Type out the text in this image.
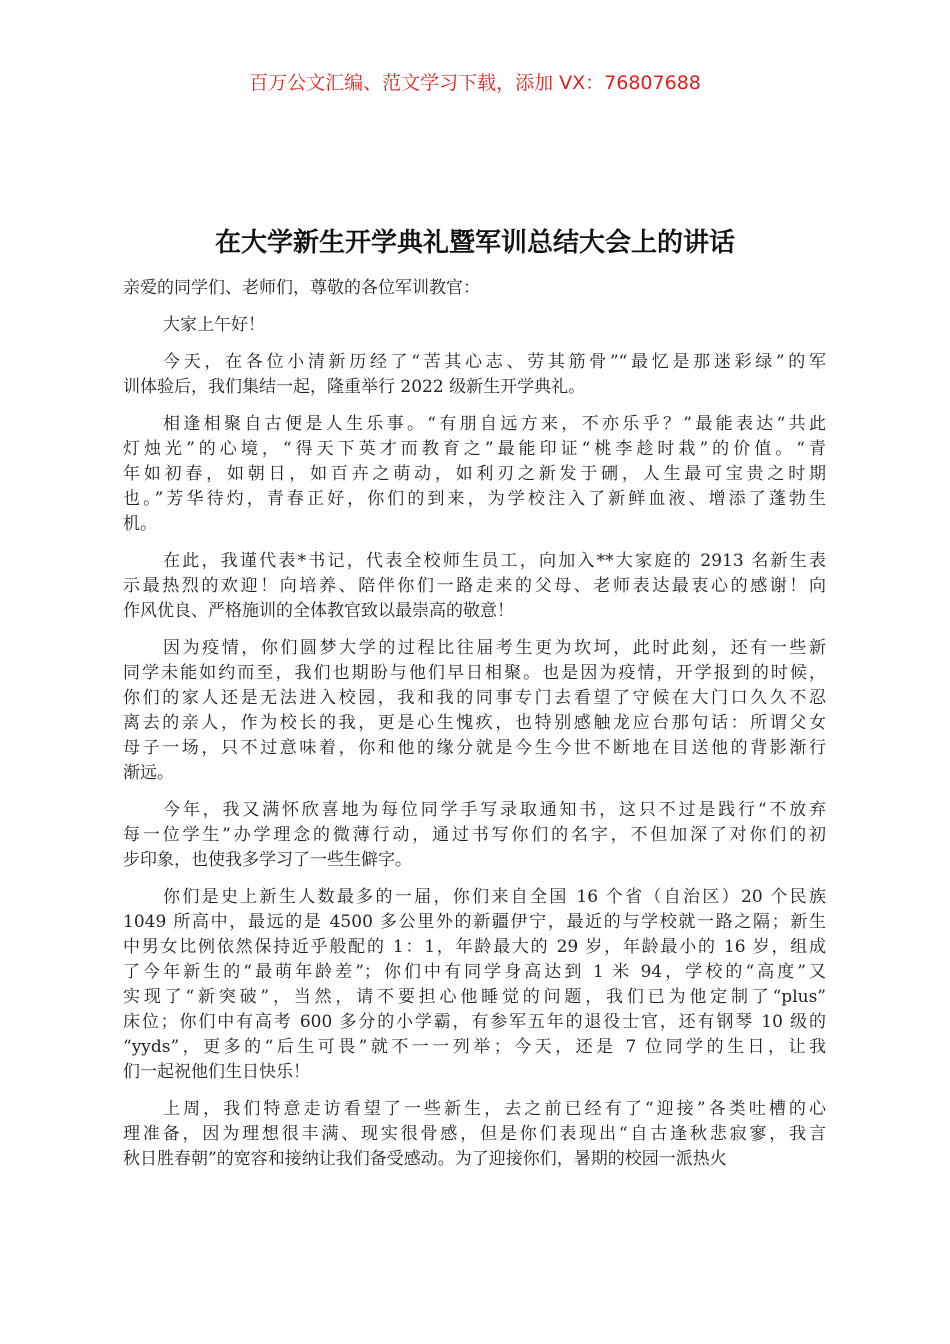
百万公文汇编、范文学习下载，添加 VX：76807688
在大学新生开学典礼暨军训总结大会上的讲话
亲爱的同学们、老师们，尊敬的各位军训教官：
大家上午好！
今天，在各位小清新历经了“苦其心志、劳其筋骨”“最忆是那迷彩绿”的军
训体验后，我们集结一起，隆重举行 2022 级新生开学典礼。
相逢相聚自古便是人生乐事。“有朋自远方来，不亦乐乎？”最能表达“共此
灯烛光”的心境，“得天下英才而教育之”最能印证“桃李趁时栽”的价值。“青
年如初春，如朝日，如百卉之萌动，如利刃之新发于硎，人生最可宝贵之时期
也。”芳华待灼，青春正好，你们的到来，为学校注入了新鲜血液、增添了蓬勃生
机。
在此，我谨代表*书记，代表全校师生员工，向加入**大家庭的 2913 名新生表
示最热烈的欢迎！向培养、陪伴你们一路走来的父母、老师表达最衷心的感谢！向
作风优良、严格施训的全体教官致以最崇高的敬意！
因为疫情，你们圆梦大学的过程比往届考生更为坎坷，此时此刻，还有一些新
同学未能如约而至，我们也期盼与他们早日相聚。也是因为疫情，开学报到的时候，
你们的家人还是无法进入校园，我和我的同事专门去看望了守候在大门口久久不忍
离去的亲人，作为校长的我，更是心生愧疚，也特别感触龙应台那句话：所谓父女
母子一场，只不过意味着，你和他的缘分就是今生今世不断地在目送他的背影渐行
渐远。
今年，我又满怀欣喜地为每位同学手写录取通知书，这只不过是践行“不放弃
每一位学生”办学理念的微薄行动，通过书写你们的名字，不但加深了对你们的初
步印象，也使我多学习了一些生僻字。
你们是史上新生人数最多的一届，你们来自全国 16 个省（自治区）20 个民族
1049 所高中，最远的是 4500 多公里外的新疆伊宁，最近的与学校就一路之隔；新生
中男女比例依然保持近乎般配的 1：1，年龄最大的 29 岁，年龄最小的 16 岁，组成
了今年新生的“最萌年龄差”；你们中有同学身高达到 1 米 94，学校的“高度”又
实现了“新突破”，当然，请不要担心他睡觉的问题，我们已为他定制了“plus”
床位；你们中有高考 600 多分的小学霸，有参军五年的退役士官，还有钢琴 10 级的
“yyds”，更多的“后生可畏”就不一一列举；今天，还是 7 位同学的生日，让我
们一起祝他们生日快乐！
上周，我们特意走访看望了一些新生，去之前已经有了“迎接”各类吐槽的心
理准备，因为理想很丰满、现实很骨感，但是你们表现出“自古逢秋悲寂寥，我言
秋日胜春朝”的宽容和接纳让我们备受感动。为了迎接你们，暑期的校园一派热火
